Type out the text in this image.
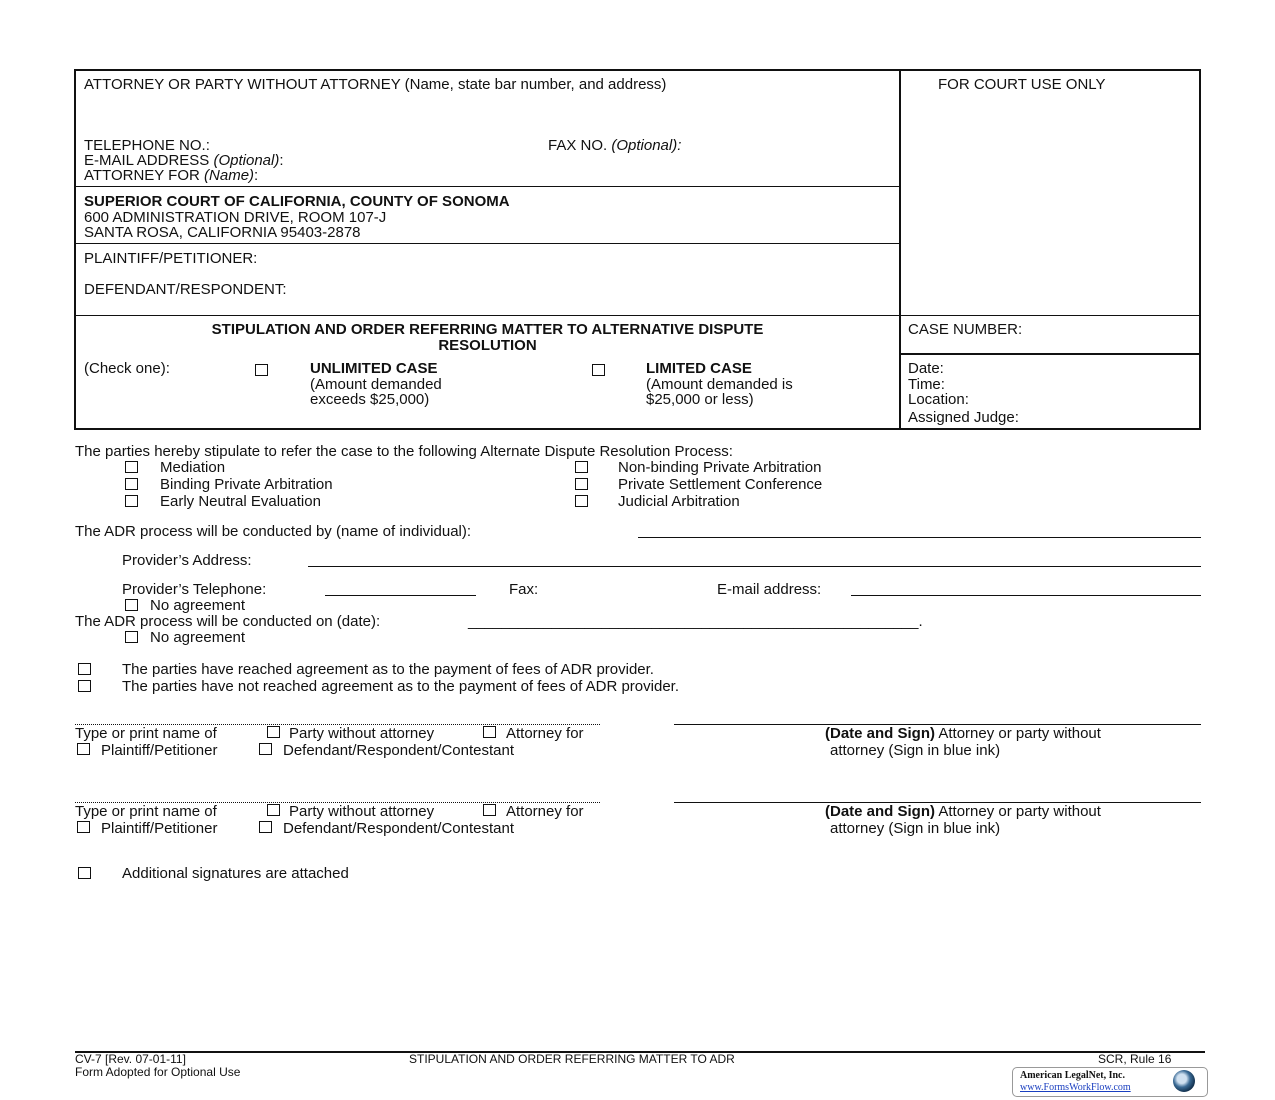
ATTORNEY OR PARTY WITHOUT ATTORNEY (Name, state bar number, and address)	FOR COURT USE ONLY
TELEPHONE NO.:	FAX NO. (Optional):
E-MAIL ADDRESS (Optional):
ATTORNEY FOR (Name):
SUPERIOR COURT OF CALIFORNIA, COUNTY OF SONOMA
600 ADMINISTRATION DRIVE, ROOM 107-J
SANTA ROSA, CALIFORNIA 95403-2878
PLAINTIFF/PETITIONER:
DEFENDANT/RESPONDENT:
STIPULATION AND ORDER REFERRING MATTER TO ALTERNATIVE DISPUTE
RESOLUTION
CASE NUMBER:
(Check one):	UNLIMITED CASE
(Amount demanded
exceeds $25,000)
LIMITED CASE
(Amount demanded is
$25,000 or less)
Date:
Time:
Location:
Assigned Judge:
The parties hereby stipulate to refer the case to the following Alternate Dispute Resolution Process:
Mediation
Binding Private Arbitration
Early Neutral Evaluation
Non-binding Private Arbitration
Private Settlement Conference
Judicial Arbitration
The ADR process will be conducted by (name of individual):
Provider’s Address:
Provider’s Telephone:	Fax:	E-mail address:
No agreement
The ADR process will be conducted on (date):	______________________________________________________.
No agreement
The parties have reached agreement as to the payment of fees of ADR provider.
The parties have not reached agreement as to the payment of fees of ADR provider.
Type or print name of	Party without attorney	Attorney for
Plaintiff/Petitioner	Defendant/Respondent/Contestant
(Date and Sign) Attorney or party without
attorney (Sign in blue ink)
Type or print name of	Party without attorney	Attorney for
Plaintiff/Petitioner	Defendant/Respondent/Contestant
(Date and Sign) Attorney or party without
attorney (Sign in blue ink)
Additional signatures are attached
CV-7 [Rev. 07-01-11]
Form Adopted for Optional Use
STIPULATION AND ORDER REFERRING MATTER TO ADR	SCR, Rule 16
American LegalNet, Inc.
www.FormsWorkFlow.com
